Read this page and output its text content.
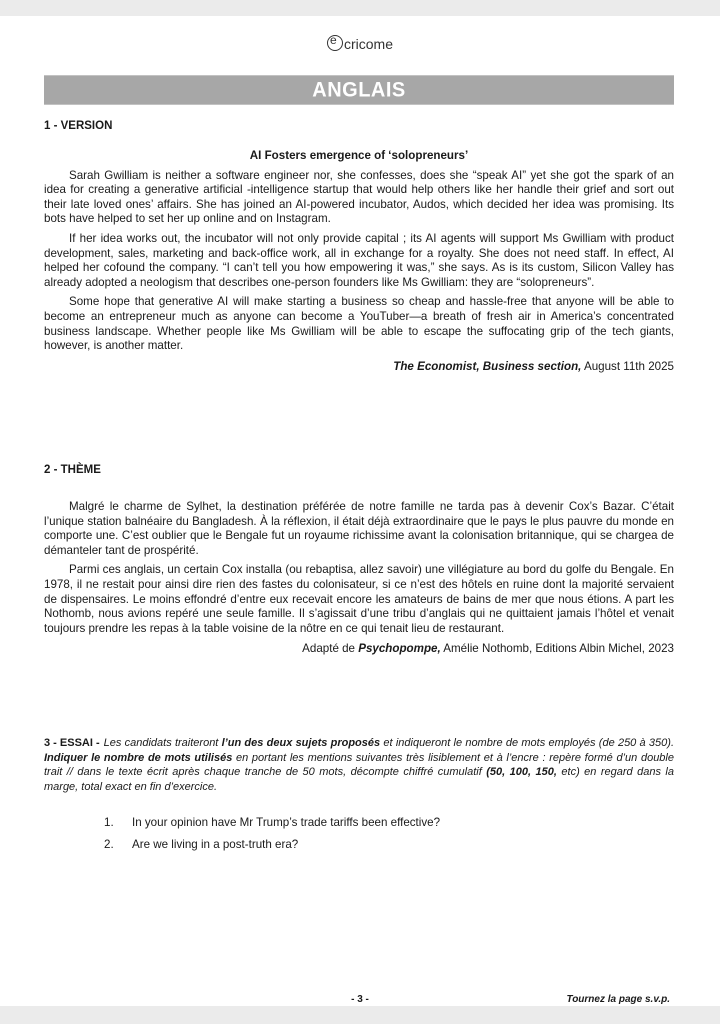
e
cricome
ANGLAIS
1 - VERSION
AI Fosters emergence of ‘solopreneurs’

Sarah Gwilliam is neither a software engineer nor, she confesses, does she “speak AI” yet she got the spark of an idea for creating a generative artificial -intelligence startup that would help others like her handle their grief and sort out their late loved ones’ affairs. She has joined an AI-powered incubator, Audos, which decided her idea was promising. Its bots have helped to set her up online and on Instagram.

If her idea works out, the incubator will not only provide capital ; its AI agents will support Ms Gwilliam with product development, sales, marketing and back-office work, all in exchange for a royalty. She does not need staff. In effect, AI helped her cofound the company. “I can’t tell you how empowering it was,” she says. As is its custom, Silicon Valley has already adopted a neologism that describes one-person founders like Ms Gwilliam: they are “solopreneurs”.

Some hope that generative AI will make starting a business so cheap and hassle-free that anyone will be able to become an entrepreneur much as anyone can become a YouTuber—a breath of fresh air in America’s concentrated business landscape. Whether people like Ms Gwilliam will be able to escape the suffocating grip of the tech giants, however, is another matter.

The Economist, Business section, August 11th 2025
2 - THÈME

Malgré le charme de Sylhet, la destination préférée de notre famille ne tarda pas à devenir Cox’s Bazar. C’était l’unique station balnéaire du Bangladesh. À la réflexion, il était déjà extraordinaire que le pays le plus pauvre du monde en comporte une. C’est oublier que le Bengale fut un royaume richissime avant la colonisation britannique, qui se chargea de démanteler tant de prospérité.

Parmi ces anglais, un certain Cox installa (ou rebaptisa, allez savoir) une villégiature au bord du golfe du Bengale. En 1978, il ne restait pour ainsi dire rien des fastes du colonisateur, si ce n’est des hôtels en ruine dont la majorité servaient de dispensaires. Le moins effondré d’entre eux recevait encore les amateurs de bains de mer que nous étions. A part les Nothomb, nous avions repéré une seule famille. Il s’agissait d’une tribu d’anglais qui ne quittaient jamais l’hôtel et venait toujours prendre les repas à la table voisine de la nôtre en ce qui tenait lieu de restaurant.

Adapté de Psychopompe, Amélie Nothomb, Editions Albin Michel, 2023
3 - ESSAI - Les candidats traiteront l’un des deux sujets proposés et indiqueront le nombre de mots employés (de 250 à 350). Indiquer le nombre de mots utilisés en portant les mentions suivantes très lisiblement et à l’encre : repère formé d’un double trait // dans le texte écrit après chaque tranche de 50 mots, décompte chiffré cumulatif (50, 100, 150, etc) en regard dans la marge, total exact en fin d’exercice.
1. In your opinion have Mr Trump’s trade tariffs been effective?
2. Are we living in a post-truth era?
- 3 -	Tournez la page s.v.p.
